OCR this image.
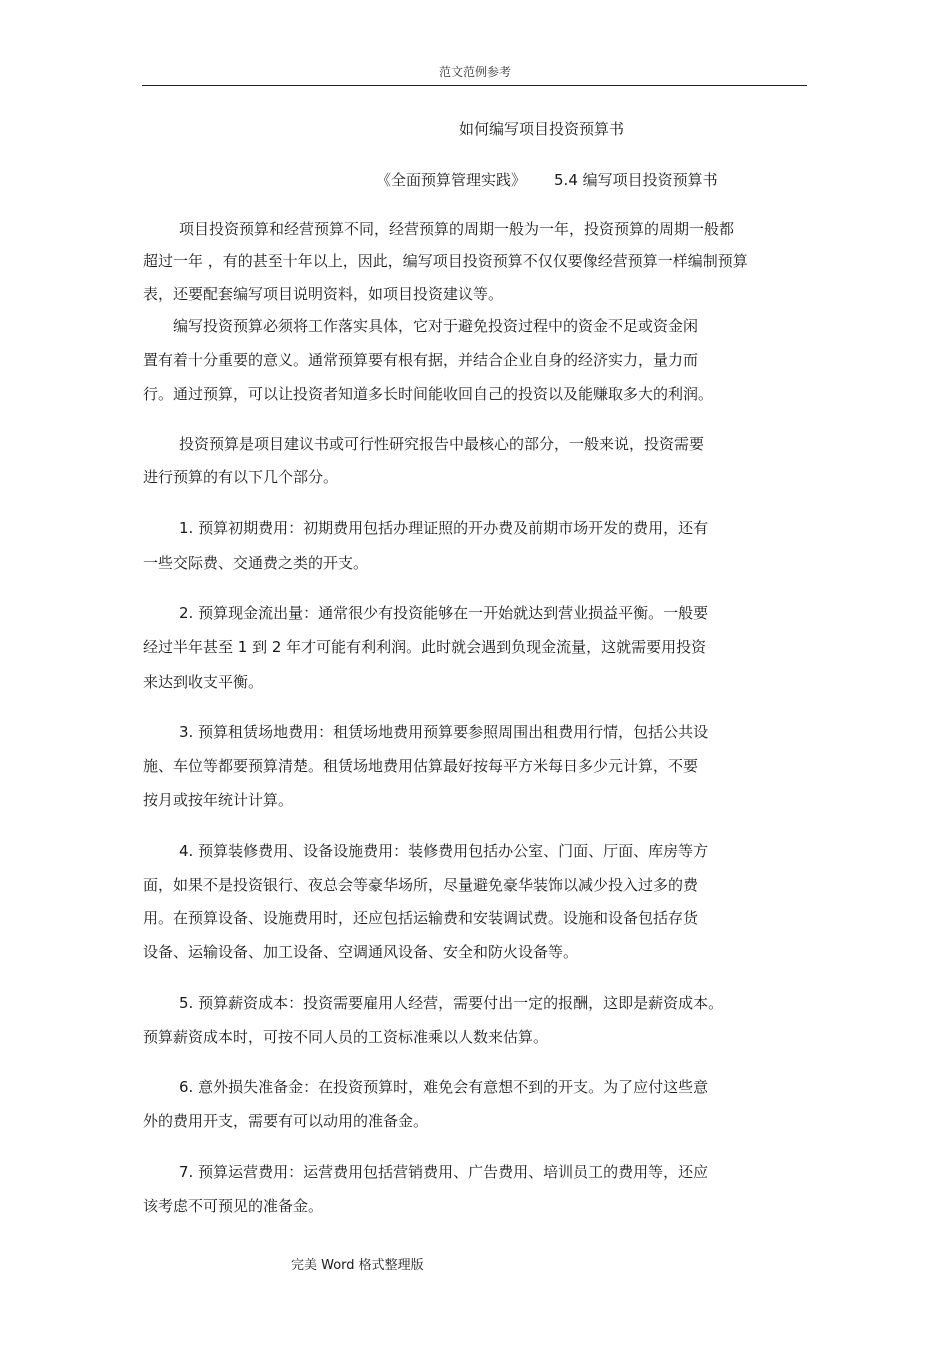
范文范例参考
如何编写项目投资预算书
《全面预算管理实践》 5.4 编写项目投资预算书
项目投资预算和经营预算不同，经营预算的周期一般为一年，投资预算的周期一般都
超过一年 ，有的甚至十年以上，因此，编写项目投资预算不仅仅要像经营预算一样编制预算
表，还要配套编写项目说明资料，如项目投资建议等。
编写投资预算必须将工作落实具体，它对于避免投资过程中的资金不足或资金闲
置有着十分重要的意义。通常预算要有根有据，并结合企业自身的经济实力，量力而
行。通过预算，可以让投资者知道多长时间能收回自己的投资以及能赚取多大的利润。
投资预算是项目建议书或可行性研究报告中最核心的部分，一般来说，投资需要
进行预算的有以下几个部分。
1. 预算初期费用：初期费用包括办理证照的开办费及前期市场开发的费用，还有
一些交际费、交通费之类的开支。
2. 预算现金流出量：通常很少有投资能够在一开始就达到营业损益平衡。一般要
经过半年甚至 1 到 2 年才可能有利利润。此时就会遇到负现金流量，这就需要用投资
来达到收支平衡。
3. 预算租赁场地费用：租赁场地费用预算要参照周围出租费用行情，包括公共设
施、车位等都要预算清楚。租赁场地费用估算最好按每平方米每日多少元计算，不要
按月或按年统计计算。
4. 预算装修费用、设备设施费用：装修费用包括办公室、门面、厅面、库房等方
面，如果不是投资银行、夜总会等豪华场所，尽量避免豪华装饰以减少投入过多的费
用。在预算设备、设施费用时，还应包括运输费和安装调试费。设施和设备包括存货
设备、运输设备、加工设备、空调通风设备、安全和防火设备等。
5. 预算薪资成本：投资需要雇用人经营，需要付出一定的报酬，这即是薪资成本。
预算薪资成本时，可按不同人员的工资标准乘以人数来估算。
6. 意外损失准备金：在投资预算时，难免会有意想不到的开支。为了应付这些意
外的费用开支，需要有可以动用的准备金。
7. 预算运营费用：运营费用包括营销费用、广告费用、培训员工的费用等，还应
该考虑不可预见的准备金。
完美 Word 格式整理版
